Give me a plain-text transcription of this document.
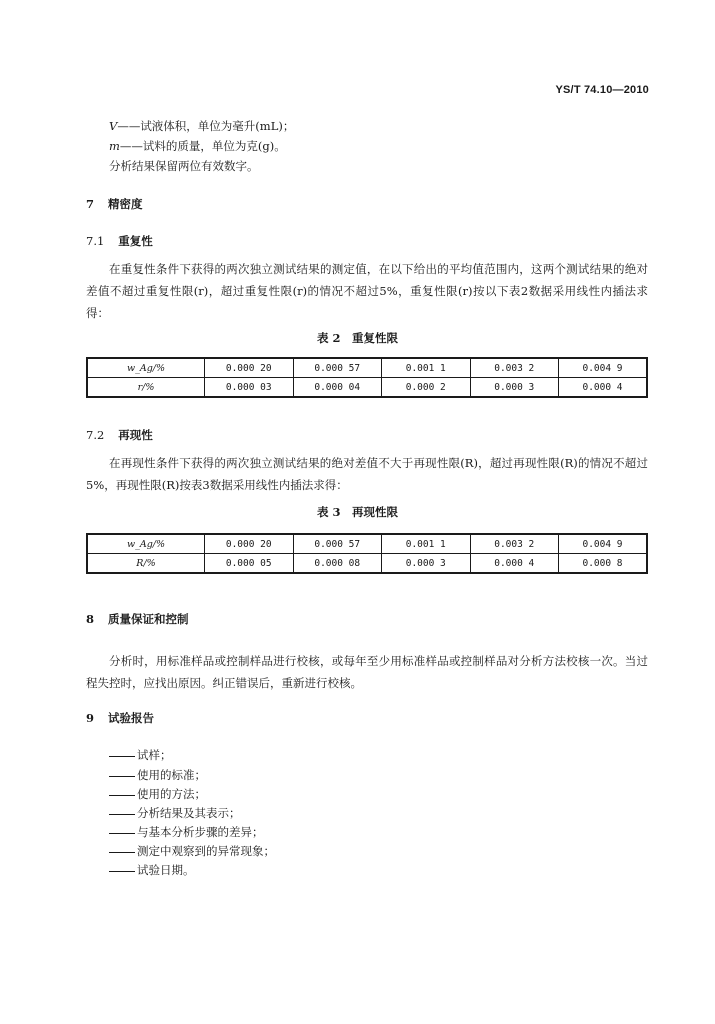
YS/T 74.10—2010
V——试液体积，单位为毫升(mL)；
m——试料的质量，单位为克(g)。
分析结果保留两位有效数字。
7 精密度
7.1 重复性
在重复性条件下获得的两次独立测试结果的测定值，在以下给出的平均值范围内，这两个测试结果的绝对差值不超过重复性限(r)，超过重复性限(r)的情况不超过5%，重复性限(r)按以下表2数据采用线性内插法求得：
表 2　重复性限
w_Ag/%	0.000 20	0.000 57	0.001 1	0.003 2	0.004 9
r/%	0.000 03	0.000 04	0.000 2	0.000 3	0.000 4
7.2 再现性
在再现性条件下获得的两次独立测试结果的绝对差值不大于再现性限(R)，超过再现性限(R)的情况不超过5%，再现性限(R)按表3数据采用线性内插法求得：
表 3　再现性限
w_Ag/%	0.000 20	0.000 57	0.001 1	0.003 2	0.004 9
R/%	0.000 05	0.000 08	0.000 3	0.000 4	0.000 8
8 质量保证和控制
分析时，用标准样品或控制样品进行校核，或每年至少用标准样品或控制样品对分析方法校核一次。当过程失控时，应找出原因。纠正错误后，重新进行校核。
9 试验报告
试样；
使用的标准；
使用的方法；
分析结果及其表示；
与基本分析步骤的差异；
测定中观察到的异常现象；
试验日期。
